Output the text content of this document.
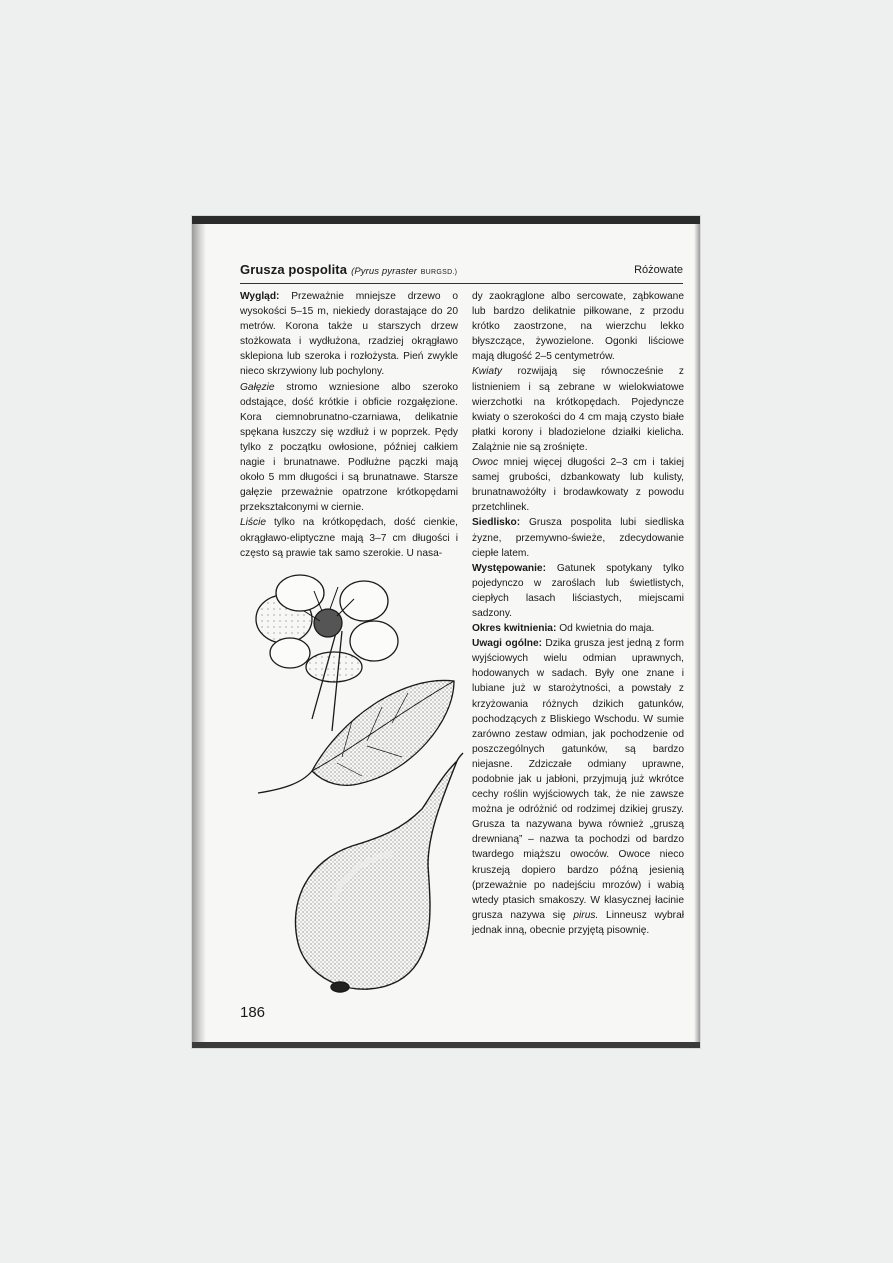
Grusza pospolita (Pyrus pyraster BURGSD.)	Różowate

Wygląd: Przeważnie mniejsze drzewo o wysokości 5–15 m, niekiedy dorastające do 20 metrów. Korona także u starszych drzew stożkowata i wydłużona, rzadziej okrągławo sklepiona lub szeroka i rozłożysta. Pień zwykle nieco skrzywiony lub pochylony.

Gałęzie stromo wzniesione albo szeroko odstające, dość krótkie i obficie rozgałęzione. Kora ciemnobrunatno-czarniawa, delikatnie spękana łuszczy się wzdłuż i w poprzek. Pędy tylko z początku owłosione, później całkiem nagie i brunatnawe. Podłużne pączki mają około 5 mm długości i są brunatnawe. Starsze gałęzie przeważnie opatrzone krótkopędami przekształconymi w ciernie.

Liście tylko na krótkopędach, dość cienkie, okrągławo-eliptyczne mają 3–7 cm długości i często są prawie tak samo szerokie. U nasa-

dy zaokrąglone albo sercowate, ząbkowane lub bardzo delikatnie piłkowane, z przodu krótko zaostrzone, na wierzchu lekko błyszczące, żywozielone. Ogonki liściowe mają długość 2–5 centymetrów.

Kwiaty rozwijają się równocześnie z listnieniem i są zebrane w wielokwiatowe wierzchotki na krótkopędach. Pojedyncze kwiaty o szerokości do 4 cm mają czysto białe płatki korony i bladozielone działki kielicha. Zalążnie nie są zrośnięte.

Owoc mniej więcej długości 2–3 cm i takiej samej grubości, dzbankowaty lub kulisty, brunatnawożółty i brodawkowaty z powodu przetchlinek.

Siedlisko: Grusza pospolita lubi siedliska żyzne, przemywno-świeże, zdecydowanie ciepłe latem.

Występowanie: Gatunek spotykany tylko pojedynczo w zaroślach lub świetlistych, ciepłych lasach liściastych, miejscami sadzony.

Okres kwitnienia: Od kwietnia do maja.

Uwagi ogólne: Dzika grusza jest jedną z form wyjściowych wielu odmian uprawnych, hodowanych w sadach. Były one znane i lubiane już w starożytności, a powstały z krzyżowania różnych dzikich gatunków, pochodzących z Bliskiego Wschodu. W sumie zarówno zestaw odmian, jak pochodzenie od poszczególnych gatunków, są bardzo niejasne. Zdziczałe odmiany uprawne, podobnie jak u jabłoni, przyjmują już wkrótce cechy roślin wyjściowych tak, że nie zawsze można je odróżnić od rodzimej dzikiej gruszy. Grusza ta nazywana bywa również „gruszą drewnianą” – nazwa ta pochodzi od bardzo twardego miąższu owoców. Owoce nieco kruszeją dopiero bardzo późną jesienią (przeważnie po nadejściu mrozów) i wabią wtedy ptasich smakoszy. W klasycznej łacinie grusza nazywa się pirus. Linneusz wybrał jednak inną, obecnie przyjętą pisownię.

186
